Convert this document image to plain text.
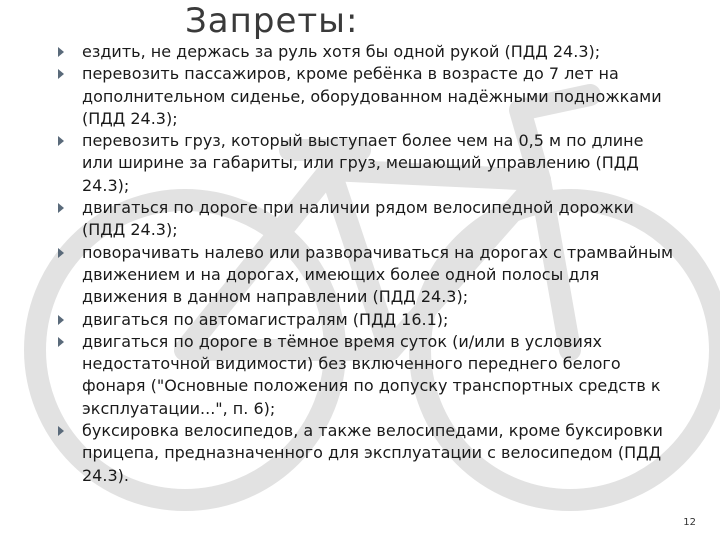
Запреты:
ездить, не держась за руль хотя бы одной рукой (ПДД 24.3);
перевозить пассажиров, кроме ребёнка в возрасте до 7 лет на дополнительном сиденье, оборудованном надёжными подножками (ПДД 24.3);
перевозить груз, который выступает более чем на 0,5 м по длине или ширине за габариты, или груз, мешающий управлению (ПДД 24.3);
двигаться по дороге при наличии рядом велосипедной дорожки (ПДД 24.3);
поворачивать налево или разворачиваться на дорогах с трамвайным движением и на дорогах, имеющих более одной полосы для движения в данном направлении (ПДД 24.3);
двигаться по автомагистралям (ПДД 16.1);
двигаться по дороге в тёмное время суток (и/или в условиях недостаточной видимости) без включенного переднего белого фонаря ("Основные положения по допуску транспортных средств к эксплуатации...", п. 6);
буксировка велосипедов, а также велосипедами, кроме буксировки прицепа, предназначенного для эксплуатации с велосипедом (ПДД 24.3).
12
